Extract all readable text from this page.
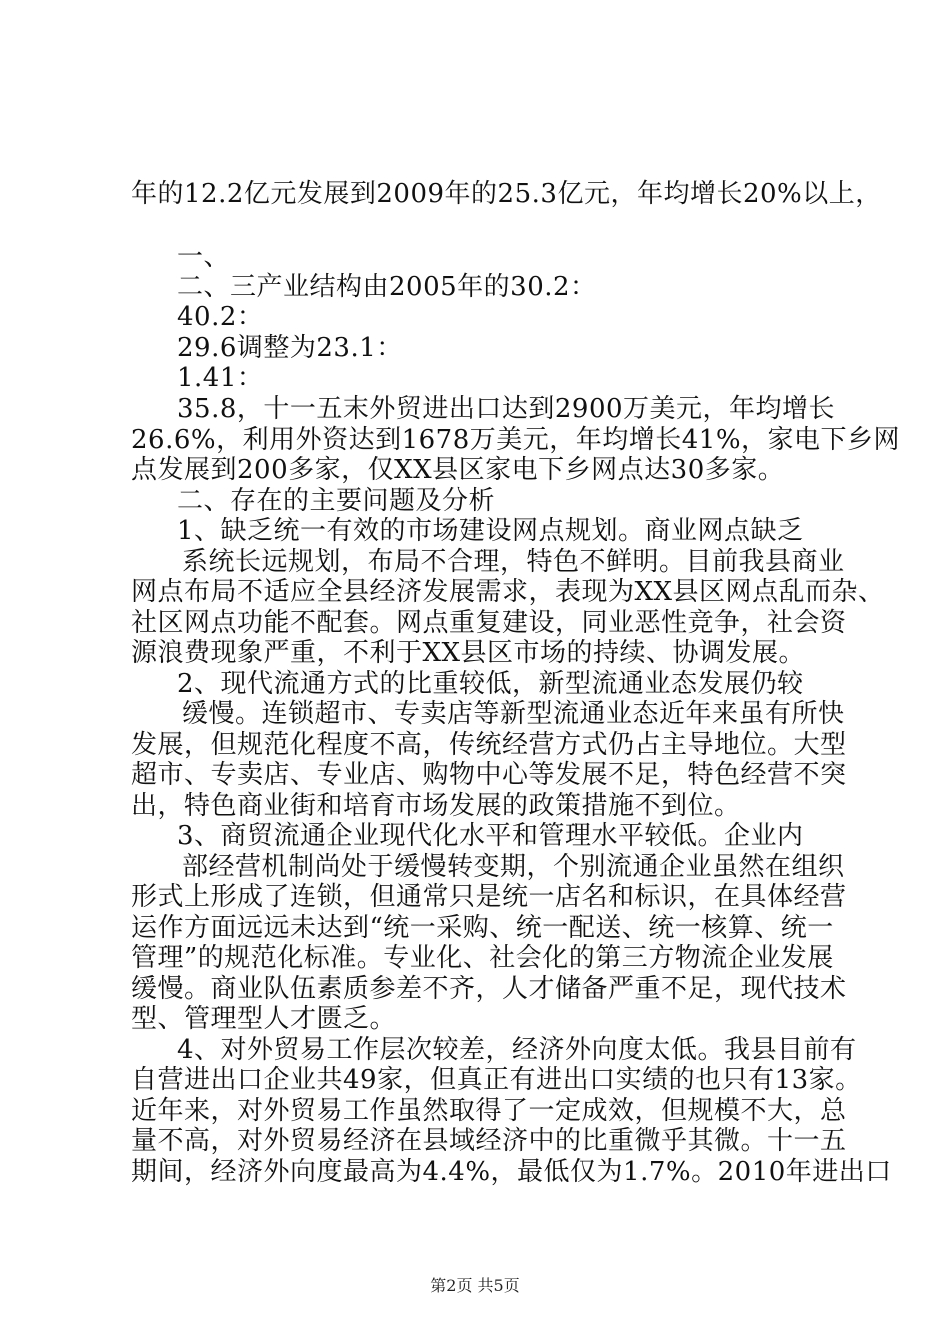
年的12.2亿元发展到2009年的25.3亿元，年均增长20%以上，
一、
二、三产业结构由2005年的30.2：
40.2：
29.6调整为23.1：
1.41：
35.8，十一五末外贸进出口达到2900万美元，年均增长
26.6%，利用外资达到1678万美元，年均增长41%，家电下乡网
点发展到200多家，仅XX县区家电下乡网点达30多家。
二、存在的主要问题及分析
1、缺乏统一有效的市场建设网点规划。商业网点缺乏
系统长远规划，布局不合理，特色不鲜明。目前我县商业
网点布局不适应全县经济发展需求，表现为XX县区网点乱而杂、
社区网点功能不配套。网点重复建设，同业恶性竞争，社会资
源浪费现象严重，不利于XX县区市场的持续、协调发展。
2、现代流通方式的比重较低，新型流通业态发展仍较
缓慢。连锁超市、专卖店等新型流通业态近年来虽有所快
发展，但规范化程度不高，传统经营方式仍占主导地位。大型
超市、专卖店、专业店、购物中心等发展不足，特色经营不突
出，特色商业街和培育市场发展的政策措施不到位。
3、商贸流通企业现代化水平和管理水平较低。企业内
部经营机制尚处于缓慢转变期，个别流通企业虽然在组织
形式上形成了连锁，但通常只是统一店名和标识，在具体经营
运作方面远远未达到“统一采购、统一配送、统一核算、统一
管理”的规范化标准。专业化、社会化的第三方物流企业发展
缓慢。商业队伍素质参差不齐，人才储备严重不足，现代技术
型、管理型人才匮乏。
4、对外贸易工作层次较差，经济外向度太低。我县目前有
自营进出口企业共49家，但真正有进出口实绩的也只有13家。
近年来，对外贸易工作虽然取得了一定成效，但规模不大，总
量不高，对外贸易经济在县域经济中的比重微乎其微。十一五
期间，经济外向度最高为4.4%，最低仅为1.7%。2010年进出口
第2页 共5页
